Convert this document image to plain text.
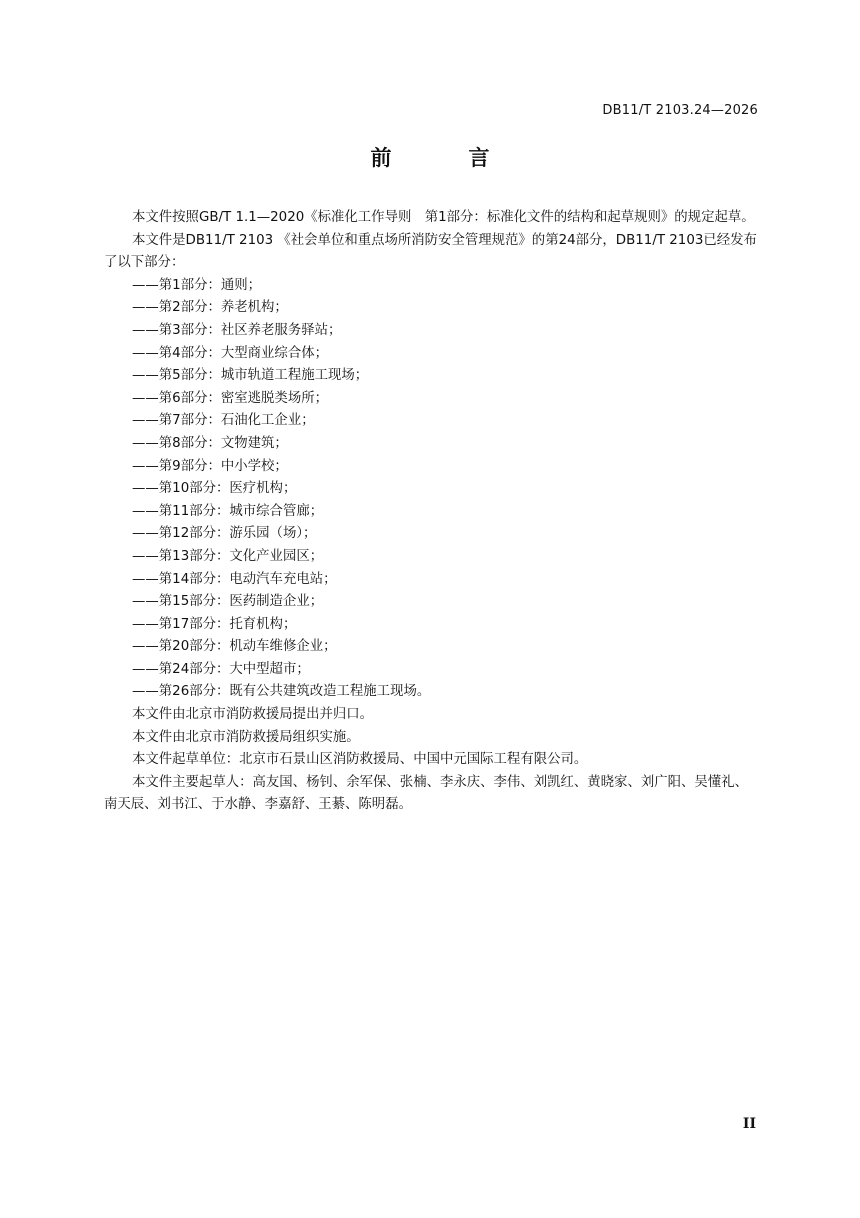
DB11/T 2103.24—2026
前　言

本文件按照GB/T 1.1—2020《标准化工作导则　第1部分：标准化文件的结构和起草规则》的规定起草。

本文件是DB11/T 2103 《社会单位和重点场所消防安全管理规范》的第24部分，DB11/T 2103已经发布了以下部分：

——第1部分：通则；

——第2部分：养老机构；

——第3部分：社区养老服务驿站；

——第4部分：大型商业综合体；

——第5部分：城市轨道工程施工现场；

——第6部分：密室逃脱类场所；

——第7部分：石油化工企业；

——第8部分：文物建筑；

——第9部分：中小学校；

——第10部分：医疗机构；

——第11部分：城市综合管廊；

——第12部分：游乐园（场）；

——第13部分：文化产业园区；

——第14部分：电动汽车充电站；

——第15部分：医药制造企业；

——第17部分：托育机构；

——第20部分：机动车维修企业；

——第24部分：大中型超市；

——第26部分：既有公共建筑改造工程施工现场。

本文件由北京市消防救援局提出并归口。

本文件由北京市消防救援局组织实施。

本文件起草单位：北京市石景山区消防救援局、中国中元国际工程有限公司。

本文件主要起草人：高友国、杨钊、余军保、张楠、李永庆、李伟、刘凯红、黄晓家、刘广阳、吴懂礼、南天辰、刘书江、于水静、李嘉舒、王綦、陈明磊。

II
